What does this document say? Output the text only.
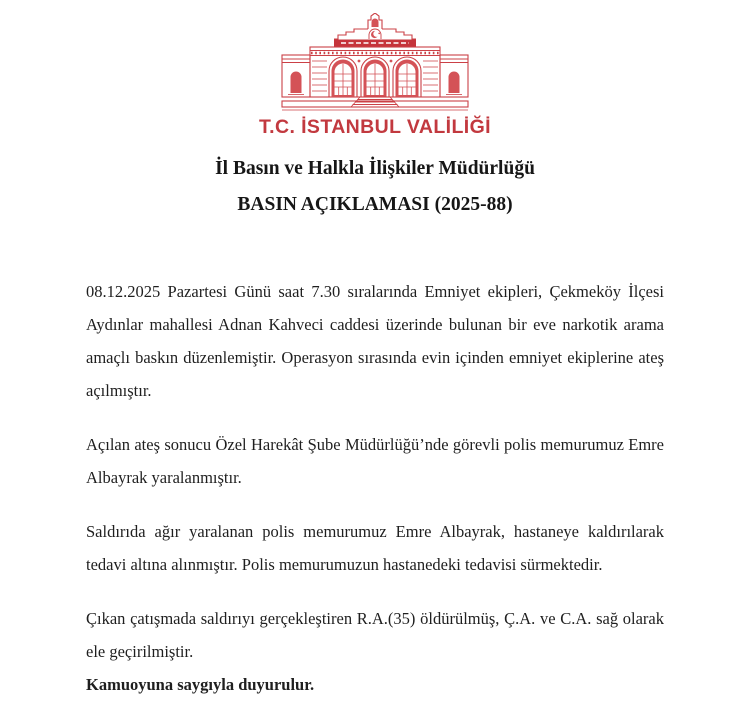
T.C. İSTANBUL VALİLİĞİ
İl Basın ve Halkla İlişkiler Müdürlüğü
BASIN AÇIKLAMASI (2025-88)

08.12.2025 Pazartesi Günü saat 7.30 sıralarında Emniyet ekipleri, Çekmeköy İlçesi Aydınlar mahallesi Adnan Kahveci caddesi üzerinde bulunan bir eve narkotik arama amaçlı baskın düzenlemiştir. Operasyon sırasında evin içinden emniyet ekiplerine ateş açılmıştır.

Açılan ateş sonucu Özel Harekât Şube Müdürlüğü’nde görevli polis memurumuz Emre Albayrak yaralanmıştır.

Saldırıda ağır yaralanan polis memurumuz Emre Albayrak, hastaneye kaldırılarak tedavi altına alınmıştır. Polis memurumuzun hastanedeki tedavisi sürmektedir.

Çıkan çatışmada saldırıyı gerçekleştiren R.A.(35) öldürülmüş, Ç.A. ve C.A. sağ olarak ele geçirilmiştir.

Kamuoyuna saygıyla duyurulur.
